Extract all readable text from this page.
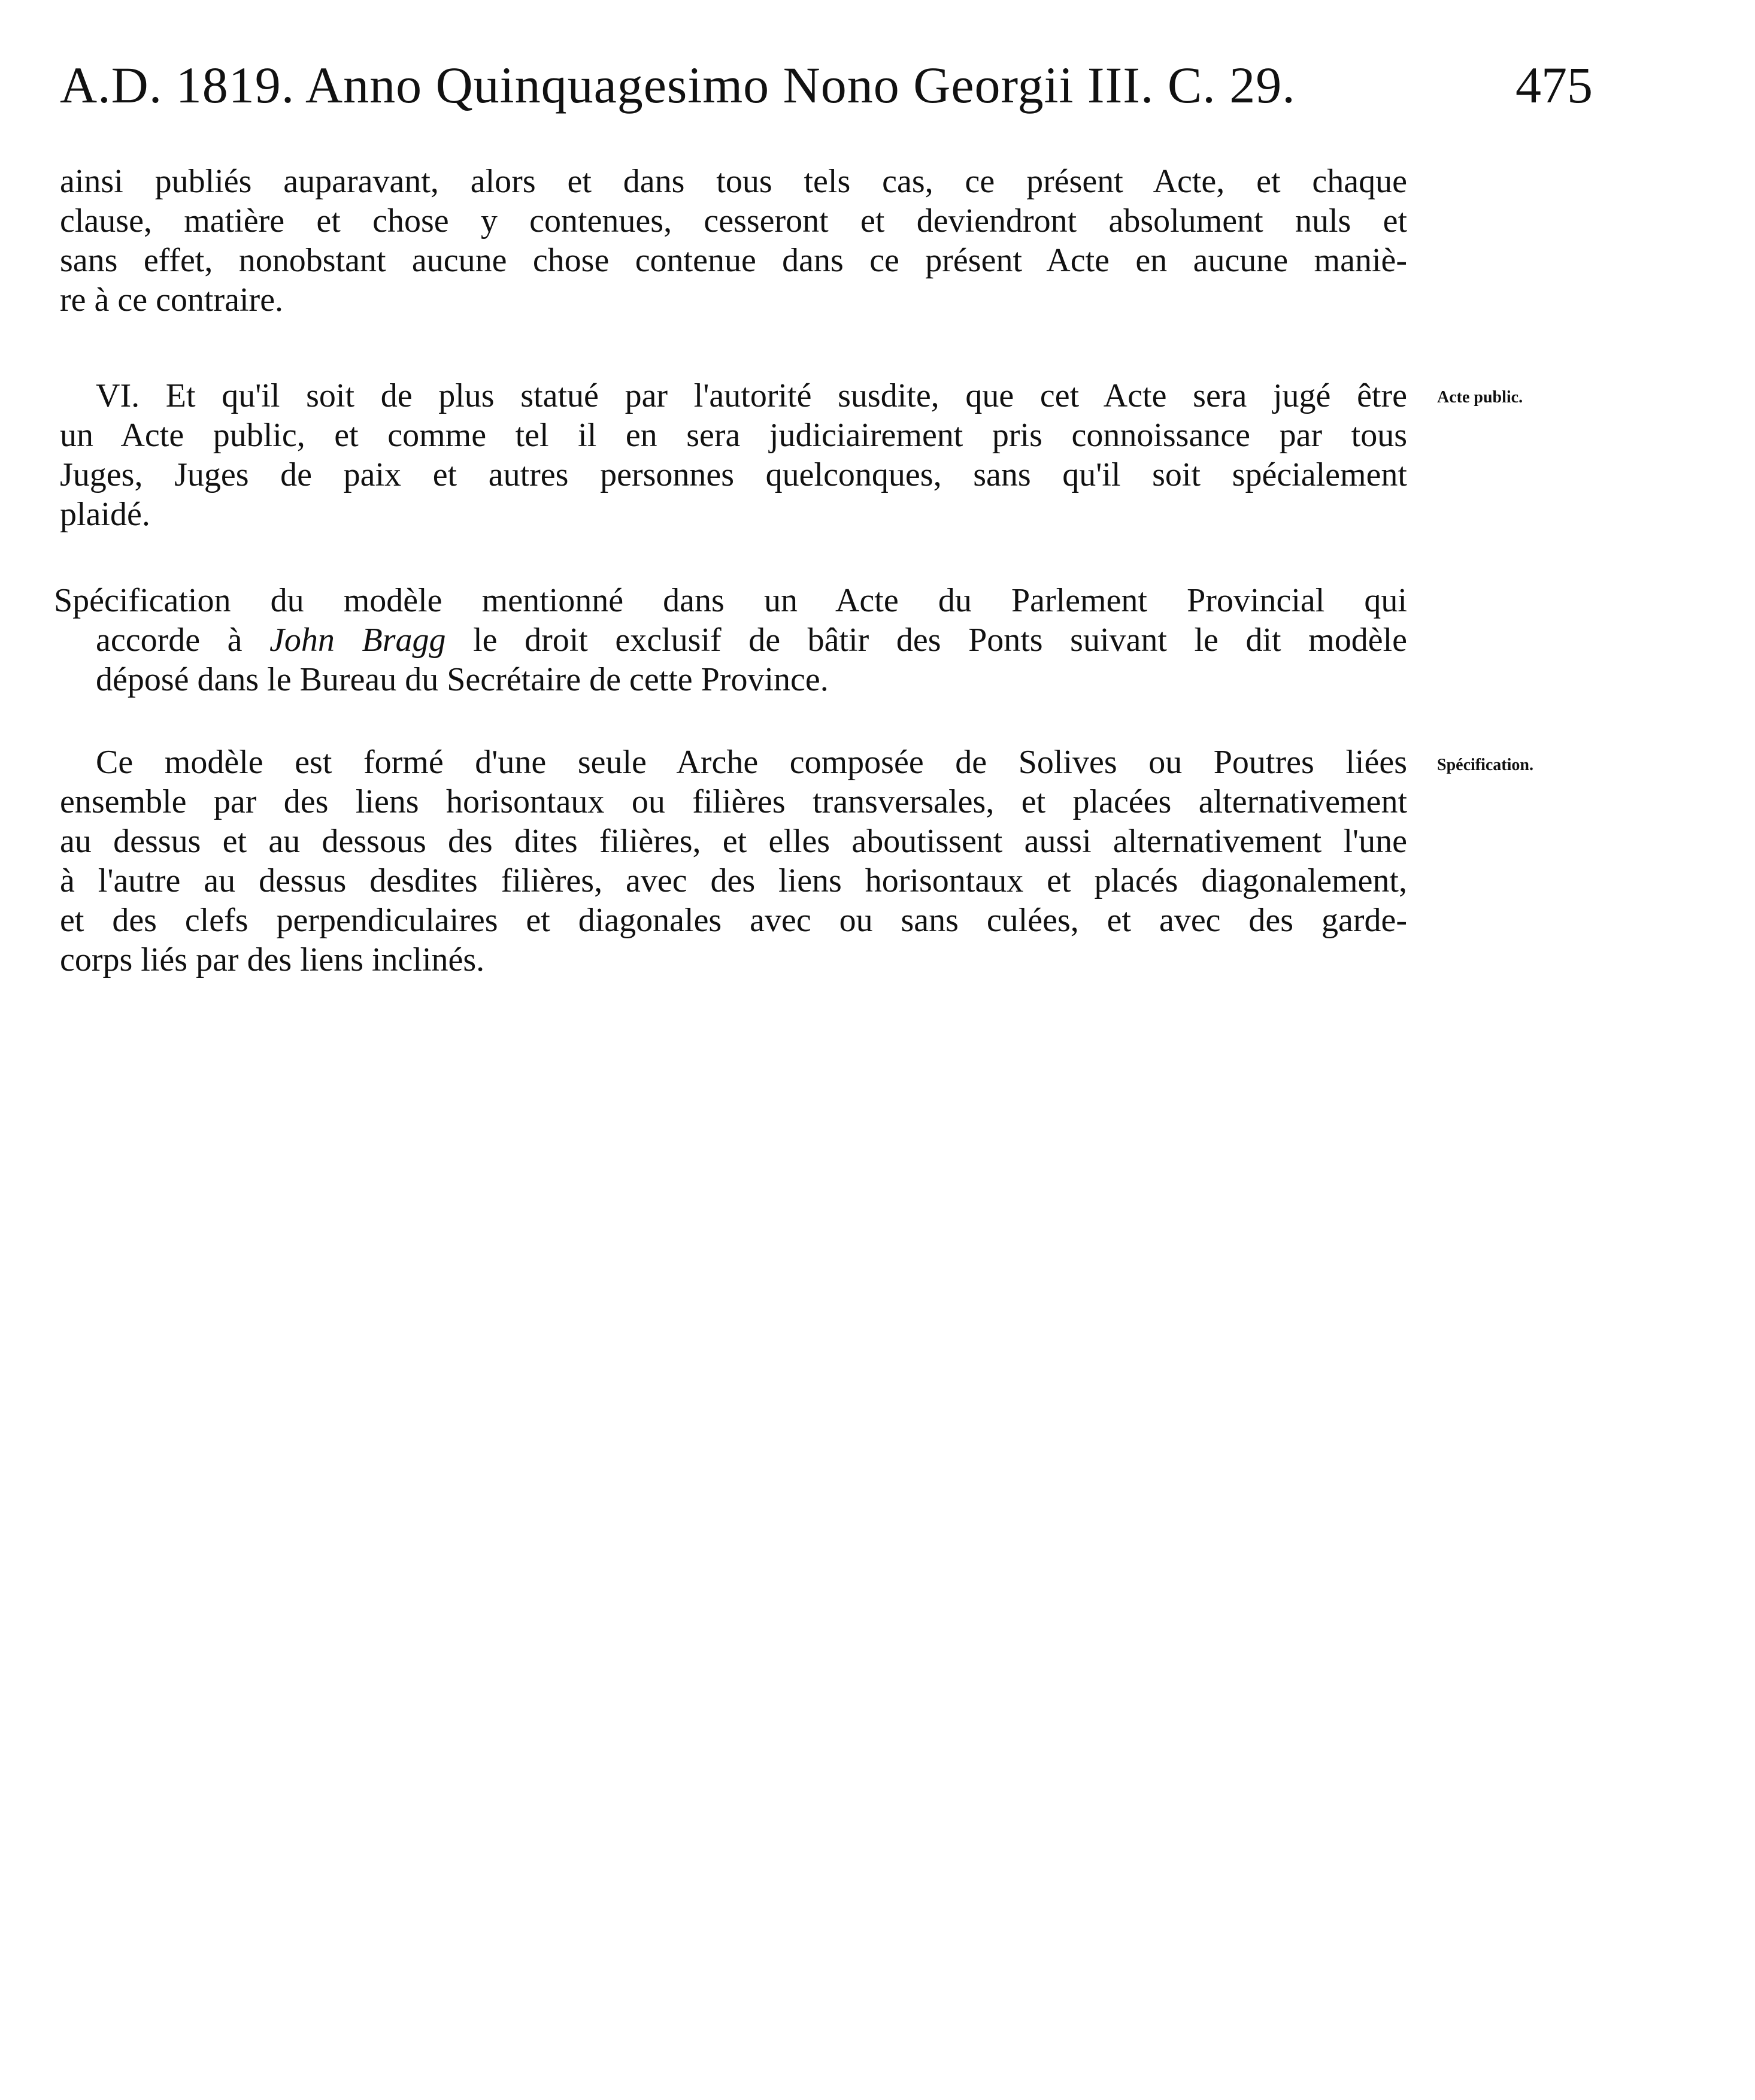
A.D. 1819. Anno Quinquagesimo Nono Georgii III. C. 29.	475
ainsi publiés auparavant, alors et dans tous tels cas, ce présent Acte, et chaque
clause, matière et chose y contenues, cesseront et deviendront absolument nuls et
sans effet, nonobstant aucune chose contenue dans ce présent Acte en aucune maniè-
re à ce contraire.
VI. Et qu'il soit de plus statué par l'autorité susdite, que cet Acte sera jugé être
un Acte public, et comme tel il en sera judiciairement pris connoissance par tous
Juges, Juges de paix et autres personnes quelconques, sans qu'il soit spécialement
plaidé.
Acte public.
Spécification du modèle mentionné dans un Acte du Parlement Provincial qui
accorde à John Bragg le droit exclusif de bâtir des Ponts suivant le dit modèle
déposé dans le Bureau du Secrétaire de cette Province.
Ce modèle est formé d'une seule Arche composée de Solives ou Poutres liées
ensemble par des liens horisontaux ou filières transversales, et placées alternativement
au dessus et au dessous des dites filières, et elles aboutissent aussi alternativement l'une
à l'autre au dessus desdites filières, avec des liens horisontaux et placés diagonalement,
et des clefs perpendiculaires et diagonales avec ou sans culées, et avec des garde-
corps liés par des liens inclinés.
Spécification.
